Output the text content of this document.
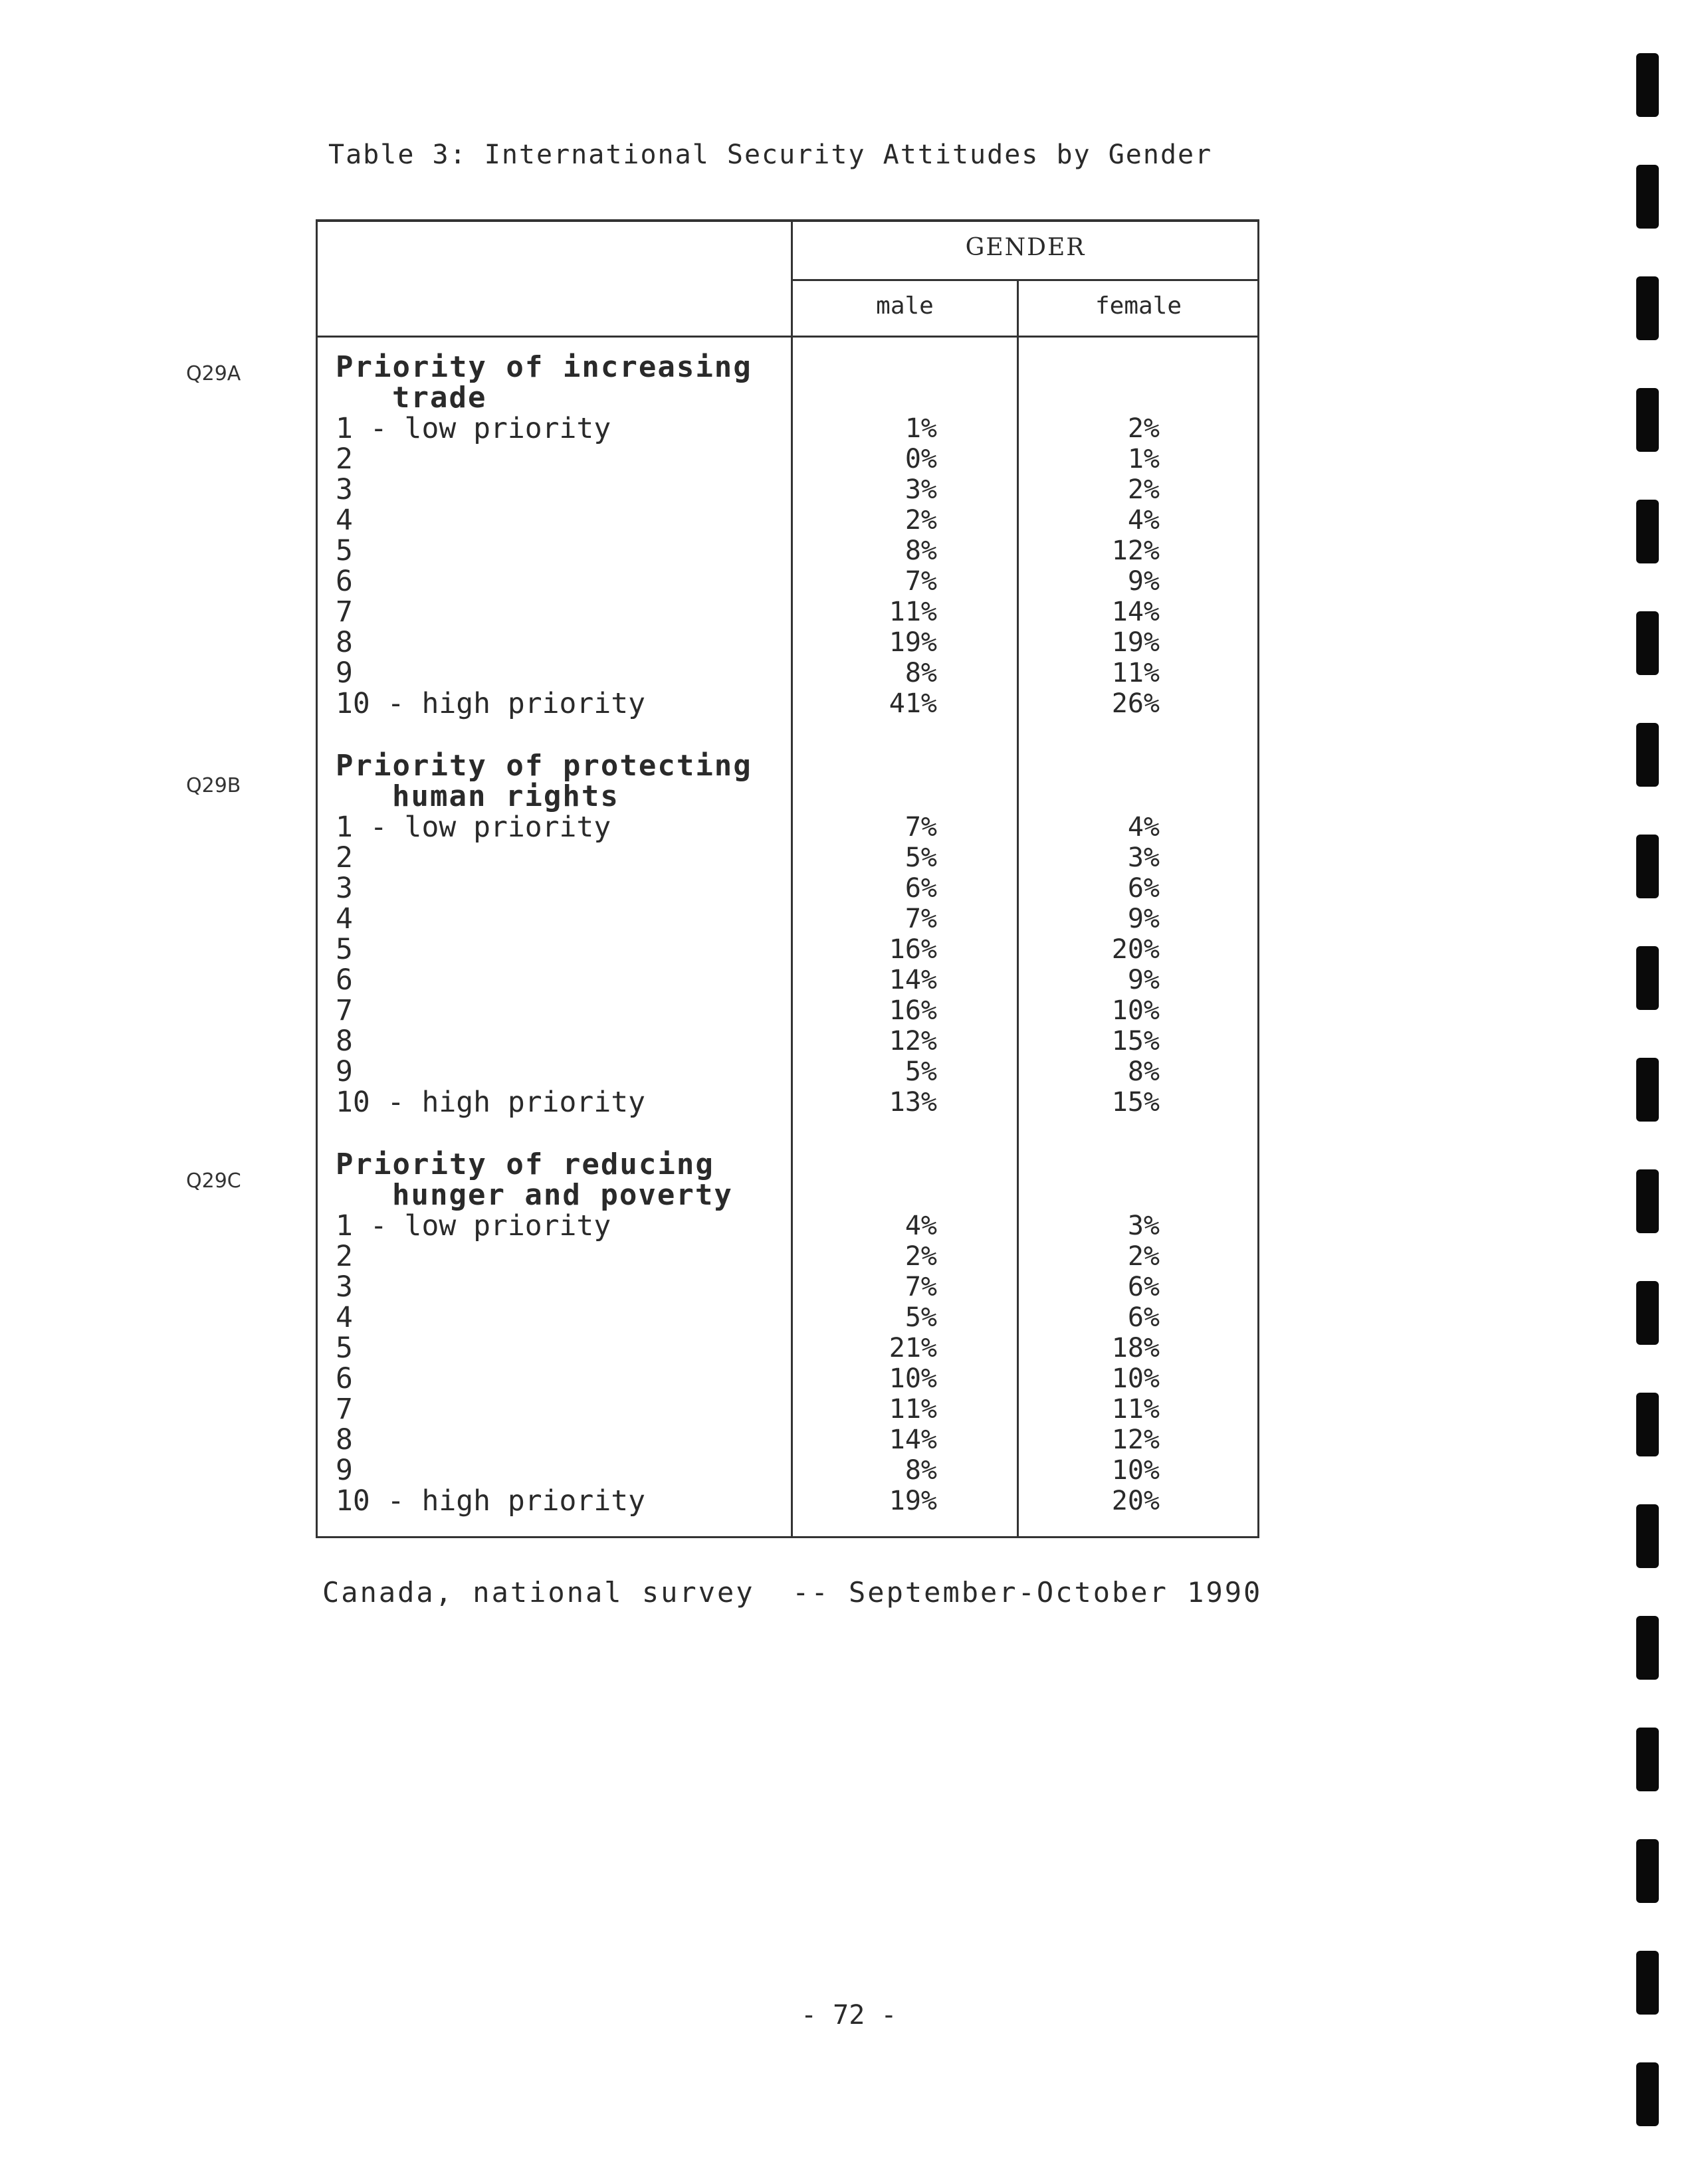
Table 3: International Security Attitudes by Gender
GENDER
male	female
Q29A	Priority of increasing
trade
1 - low priority	1%	2%
2	0%	1%
3	3%	2%
4	2%	4%
5	8%	12%
6	7%	9%
7	11%	14%
8	19%	19%
9	8%	11%
10 - high priority	41%	26%
Q29B
Priority of protecting
human rights
1 - low priority	7%	4%
2	5%	3%
3	6%	6%
4	7%	9%
5	16%	20%
6	14%	9%
7	16%	10%
8	12%	15%
9	5%	8%
10 - high priority	13%	15%
Q29C	Priority of reducing
hunger and poverty
1 - low priority	4%	3%
2	2%	2%
3	7%	6%
4	5%	6%
5	21%	18%
6	10%	10%
7	11%	11%
8	14%	12%
9	8%	10%
10 - high priority	19%	20%
Canada, national survey  -- September-October 1990
- 72 -
